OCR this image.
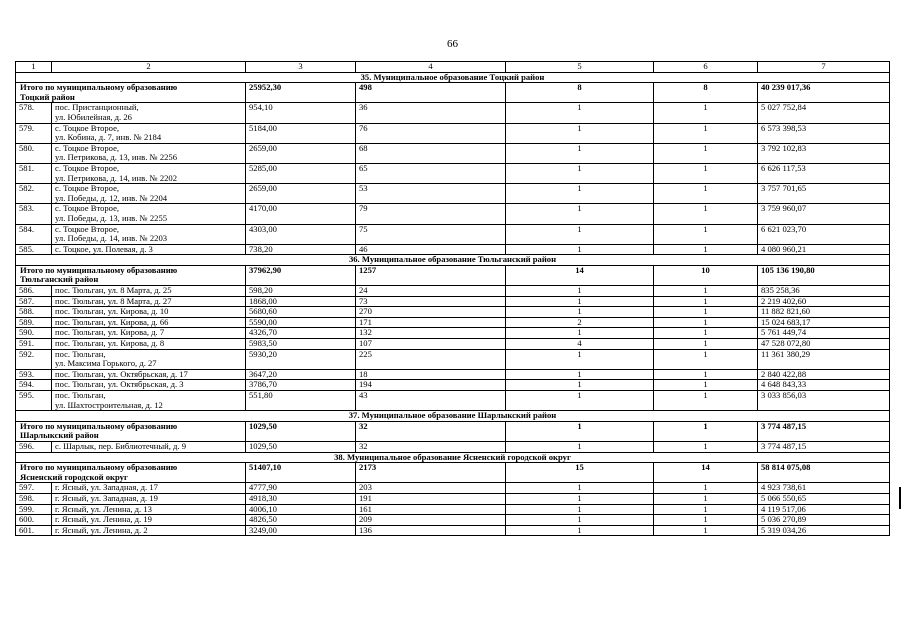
66
1	2	3	4	5	6	7
35. Муниципальное образование Тоцкий район						

Итого по муниципальному образованию
Тоцкий район		25952,30	498	8	8	40 239 017,36
578.	пос. Пристанционный,
ул. Юбилейная, д. 26	954,10	36	1	1	5 027 752,84
579.	с. Тоцкое Второе,
ул. Кобина, д. 7, инв. № 2184	5184,00	76	1	1	6 573 398,53
580.	с. Тоцкое Второе,
ул. Петрикова, д. 13, инв. № 2256	2659,00	68	1	1	3 792 102,83
581.	с. Тоцкое Второе,
ул. Петрикова, д. 14, инв. № 2202	5285,00	65	1	1	6 626 117,53
582.	с. Тоцкое Второе,
ул. Победы, д. 12, инв. № 2204	2659,00	53	1	1	3 757 701,65
583.	с. Тоцкое Второе,
ул. Победы, д. 13, инв. № 2255	4170,00	79	1	1	3 759 960,07
584.	с. Тоцкое Второе,
ул. Победы, д. 14, инв. № 2203	4303,00	75	1	1	6 621 023,70
585.	с. Тоцкое, ул. Полевая, д. 3	738,20	46	1	1	4 080 960,21
36. Муниципальное образование Тюльганский район						

Итого по муниципальному образованию
Тюльганский район		37962,90	1257	14	10	105 136 190,80
586.	пос. Тюльган, ул. 8 Марта, д. 25	598,20	24	1	1	835 258,36
587.	пос. Тюльган, ул. 8 Марта, д. 27	1868,00	73	1	1	2 219 402,60
588.	пос. Тюльган, ул. Кирова, д. 10	5680,60	270	1	1	11 882 821,60
589.	пос. Тюльган, ул. Кирова, д. 66	5590,00	171	2	1	15 024 683,17
590.	пос. Тюльган, ул. Кирова, д. 7	4326,70	132	1	1	5 761 449,74
591.	пос. Тюльган, ул. Кирова, д. 8	5983,50	107	4	1	47 528 072,80
592.	пос. Тюльган,
ул. Максима Горького, д. 27	5930,20	225	1	1	11 361 380,29
593.	пос. Тюльган, ул. Октябрьская, д. 17	3647,20	18	1	1	2 840 422,88
594.	пос. Тюльган, ул. Октябрьская, д. 3	3786,70	194	1	1	4 648 843,33
595.	пос. Тюльган,
ул. Шахтостроительная, д. 12	551,80	43	1	1	3 033 856,03
37. Муниципальное образование Шарлыкский район						

Итого по муниципальному образованию
Шарлыкский район		1029,50	32	1	1	3 774 487,15
596.	с. Шарлык, пер. Библиотечный, д. 9	1029,50	32	1	1	3 774 487,15
38. Муниципальное образование Ясненский городской округ						

Итого по муниципальному образованию
Ясненский городской округ		51407,10	2173	15	14	58 814 075,08
597.	г. Ясный, ул. Западная, д. 17	4777,90	203	1	1	4 923 738,61
598.	г. Ясный, ул. Западная, д. 19	4918,30	191	1	1	5 066 550,65
599.	г. Ясный, ул. Ленина, д. 13	4006,10	161	1	1	4 119 517,06
600.	г. Ясный, ул. Ленина, д. 19	4826,50	209	1	1	5 036 270,89
601.	г. Ясный, ул. Ленина, д. 2	3249,00	136	1	1	5 319 034,26
